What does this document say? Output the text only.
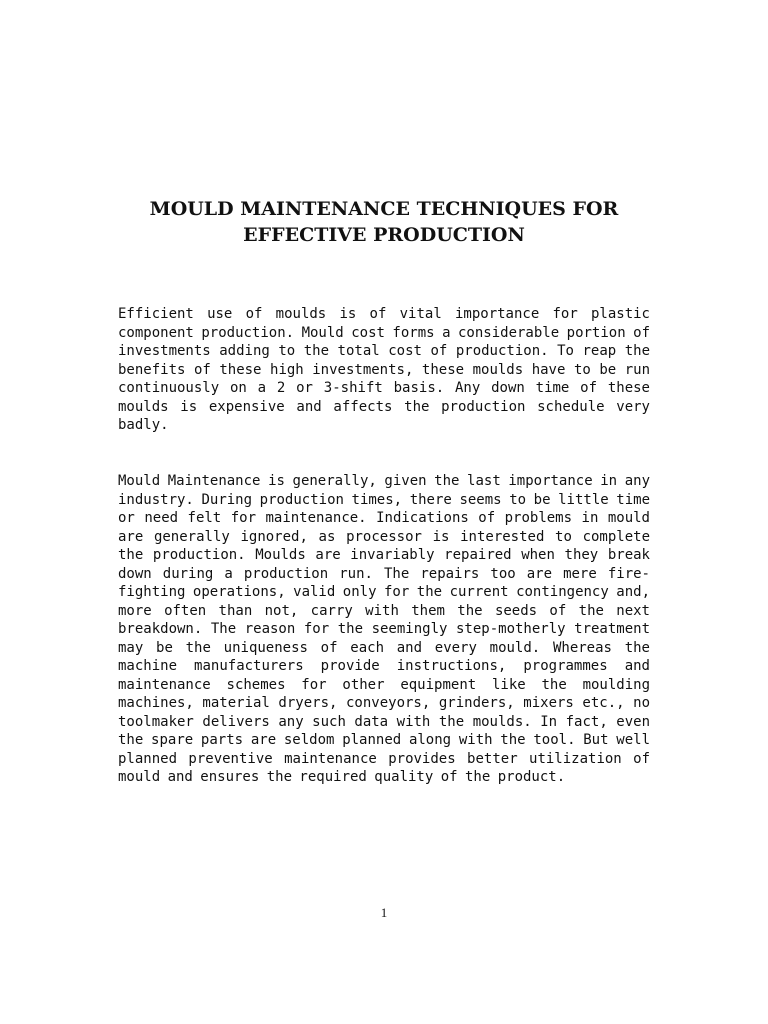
MOULD MAINTENANCE TECHNIQUES FOR
EFFECTIVE PRODUCTION

Efficient use of moulds is of vital importance for plastic component production. Mould cost forms a considerable portion of investments adding to the total cost of production. To reap the benefits of these high investments, these moulds have to be run continuously on a 2 or 3-shift basis. Any down time of these moulds is expensive and affects the production schedule very badly.

Mould Maintenance is generally, given the last importance in any industry. During production times, there seems to be little time or need felt for maintenance. Indications of problems in mould are generally ignored, as processor is interested to complete the production. Moulds are invariably repaired when they break down during a production run. The repairs too are mere fire-fighting operations, valid only for the current contingency and, more often than not, carry with them the seeds of the next breakdown. The reason for the seemingly step-motherly treatment may be the uniqueness of each and every mould. Whereas the machine manufacturers provide instructions, programmes and maintenance schemes for other equipment like the moulding machines, material dryers, conveyors, grinders, mixers etc., no toolmaker delivers any such data with the moulds. In fact, even the spare parts are seldom planned along with the tool. But well planned preventive maintenance provides better utilization of mould and ensures the required quality of the product.

1
